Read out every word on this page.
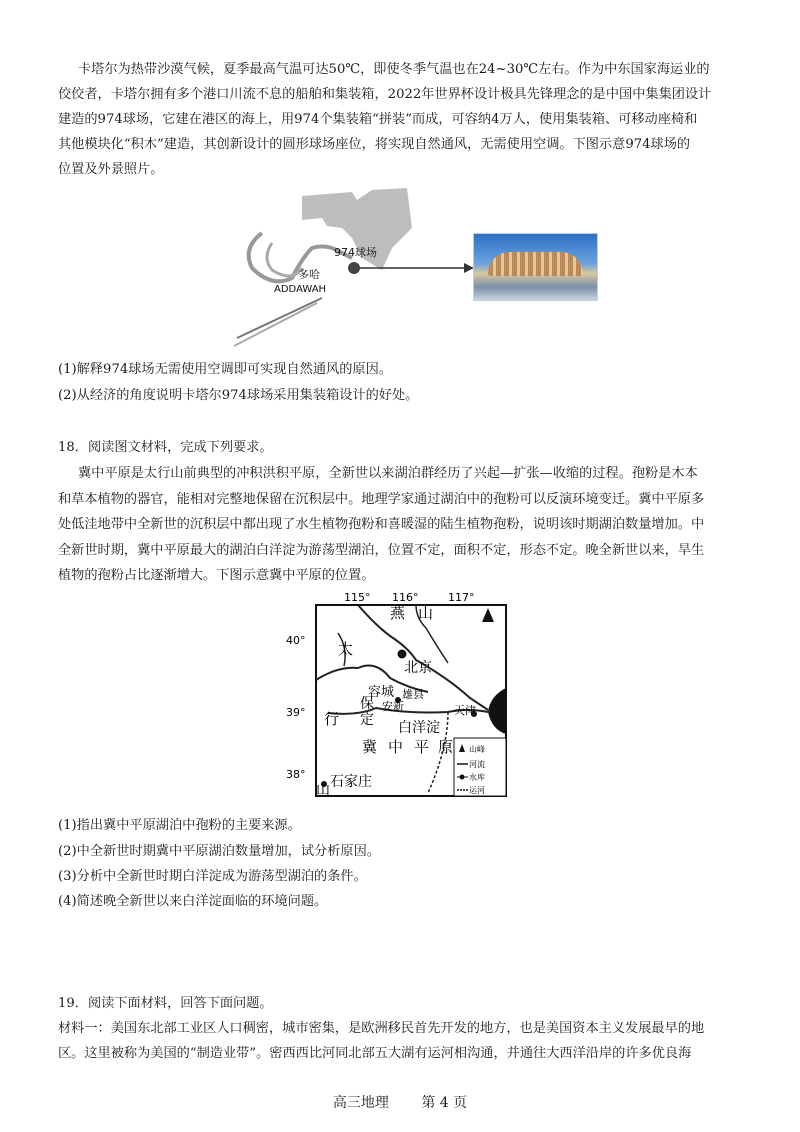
卡塔尔为热带沙漠气候，夏季最高气温可达50℃，即使冬季气温也在24~30℃左右。作为中东国家海运业的
佼佼者，卡塔尔拥有多个港口川流不息的船舶和集装箱，2022年世界杯设计极具先锋理念的是中国中集集团设计
建造的974球场，它建在港区的海上，用974个集装箱“拼装”而成，可容纳4万人，使用集装箱、可移动座椅和
其他模块化“积木”建造，其创新设计的圆形球场座位，将实现自然通风，无需使用空调。下图示意974球场的
位置及外景照片。
974球场
多哈
ADDAWAH
(1)解释974球场无需使用空调即可实现自然通风的原因。
(2)从经济的角度说明卡塔尔974球场采用集装箱设计的好处。
18．阅读图文材料，完成下列要求。
冀中平原是太行山前典型的冲积洪积平原，全新世以来湖泊群经历了兴起—扩张—收缩的过程。孢粉是木本
和草本植物的器官，能相对完整地保留在沉积层中。地理学家通过湖泊中的孢粉可以反演环境变迁。冀中平原多
处低洼地带中全新世的沉积层中都出现了水生植物孢粉和喜暖湿的陆生植物孢粉，说明该时期湖泊数量增加。中
全新世时期，冀中平原最大的湖泊白洋淀为游荡型湖泊，位置不定，面积不定，形态不定。晚全新世以来，旱生
植物的孢粉占比逐渐增大。下图示意冀中平原的位置。
115° 116°	117°
40°
39°
38°
燕 山
太
行
山
北京
容城 雄县
安新
保
定
天津
白洋淀
冀 中 平 原
石家庄
山峰
河流
水库
运河
(1)指出冀中平原湖泊中孢粉的主要来源。
(2)中全新世时期冀中平原湖泊数量增加，试分析原因。
(3)分析中全新世时期白洋淀成为游荡型湖泊的条件。
(4)简述晚全新世以来白洋淀面临的环境问题。
19．阅读下面材料，回答下面问题。
材料一：美国东北部工业区人口稠密，城市密集，是欧洲移民首先开发的地方，也是美国资本主义发展最早的地
区。这里被称为美国的“制造业带”。密西西比河同北部五大湖有运河相沟通，并通往大西洋沿岸的许多优良海
高三地理 第 4 页
